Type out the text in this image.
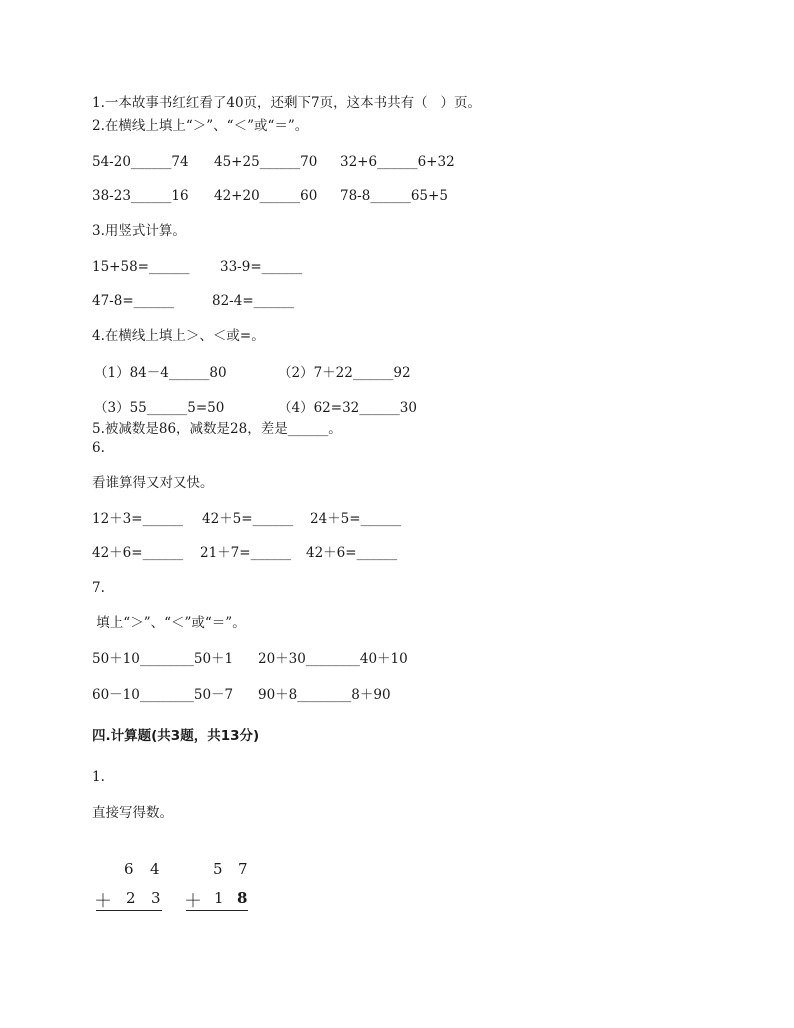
1.一本故事书红红看了40页，还剩下7页，这本书共有（   ）页。
2.在横线上填上“＞”、“＜”或“＝”。
54-20______74 45+25______70 32+6______6+32
38-23______16 42+20______60 78-8______65+5
3.用竖式计算。
15+58=______ 33-9=______
47-8=______	82-4=______
4.在横线上填上＞、＜或=。
（1）84－4______80	（2）7＋22______92
（3）55______5=50	（4）62=32______30
5.被减数是86，减数是28，差是______。
6.
看谁算得又对又快。
12＋3=______ 42＋5=______ 24＋5=______
42＋6=______ 21＋7=______ 42＋6=______
7.
填上“＞”、“＜”或“＝”。
50＋10________50＋1 20＋30________40＋10
60－10________50－7 90＋8________8＋90
四.计算题(共3题，共13分)
1.
直接写得数。
6 4
＋ 2 3
5 7
＋ 1 8
